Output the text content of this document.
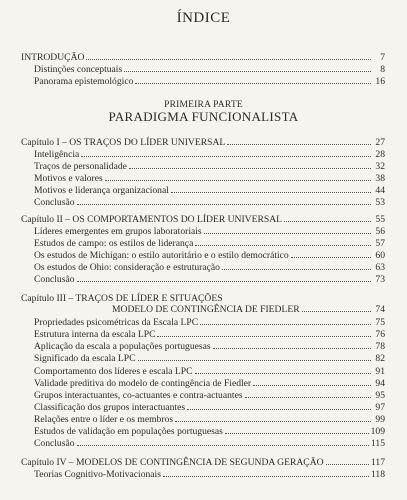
ÍNDICE
INTRODUÇÃO	7
Distinções conceptuais	8
Panorama epistemológico	16
PRIMEIRA PARTE
PARADIGMA FUNCIONALISTA
Capítulo I – OS TRAÇOS DO LÍDER UNIVERSAL	27
Inteligência	28
Traços de personalidade	32
Motivos e valores	38
Motivos e liderança organizacional	44
Conclusão	53
Capítulo II – OS COMPORTAMENTOS DO LÍDER UNIVERSAL	55
Líderes emergentes em grupos laboratoriais	56
Estudos de campo: os estilos de liderança	57
Os estudos de Michigan: o estilo autoritário e o estilo democrático	60
Os estudos de Ohio: consideração e estruturação	63
Conclusão	73
Capítulo III – TRAÇOS DE LÍDER E SITUAÇÕES
MODELO DE CONTINGÊNCIA DE FIEDLER	74
Propriedades psicométricas da Escala LPC	75
Estrutura interna da escala LPC	76
Aplicação da escala a populações portuguesas	78
Significado da escala LPC	82
Comportamento dos líderes e escala LPC	91
Validade preditiva do modelo de contingência de Fiedler	94
Grupos interactuantes, co-actuantes e contra-actuantes	95
Classificação dos grupos interactuantes	97
Relações entre o líder e os membros	99
Estudos de validação em populações portuguesas	109
Conclusão	115
Capítulo IV – MODELOS DE CONTINGÊNCIA DE SEGUNDA GERAÇÃO	117
Teorias Cognitivo-Motivacionais	118
